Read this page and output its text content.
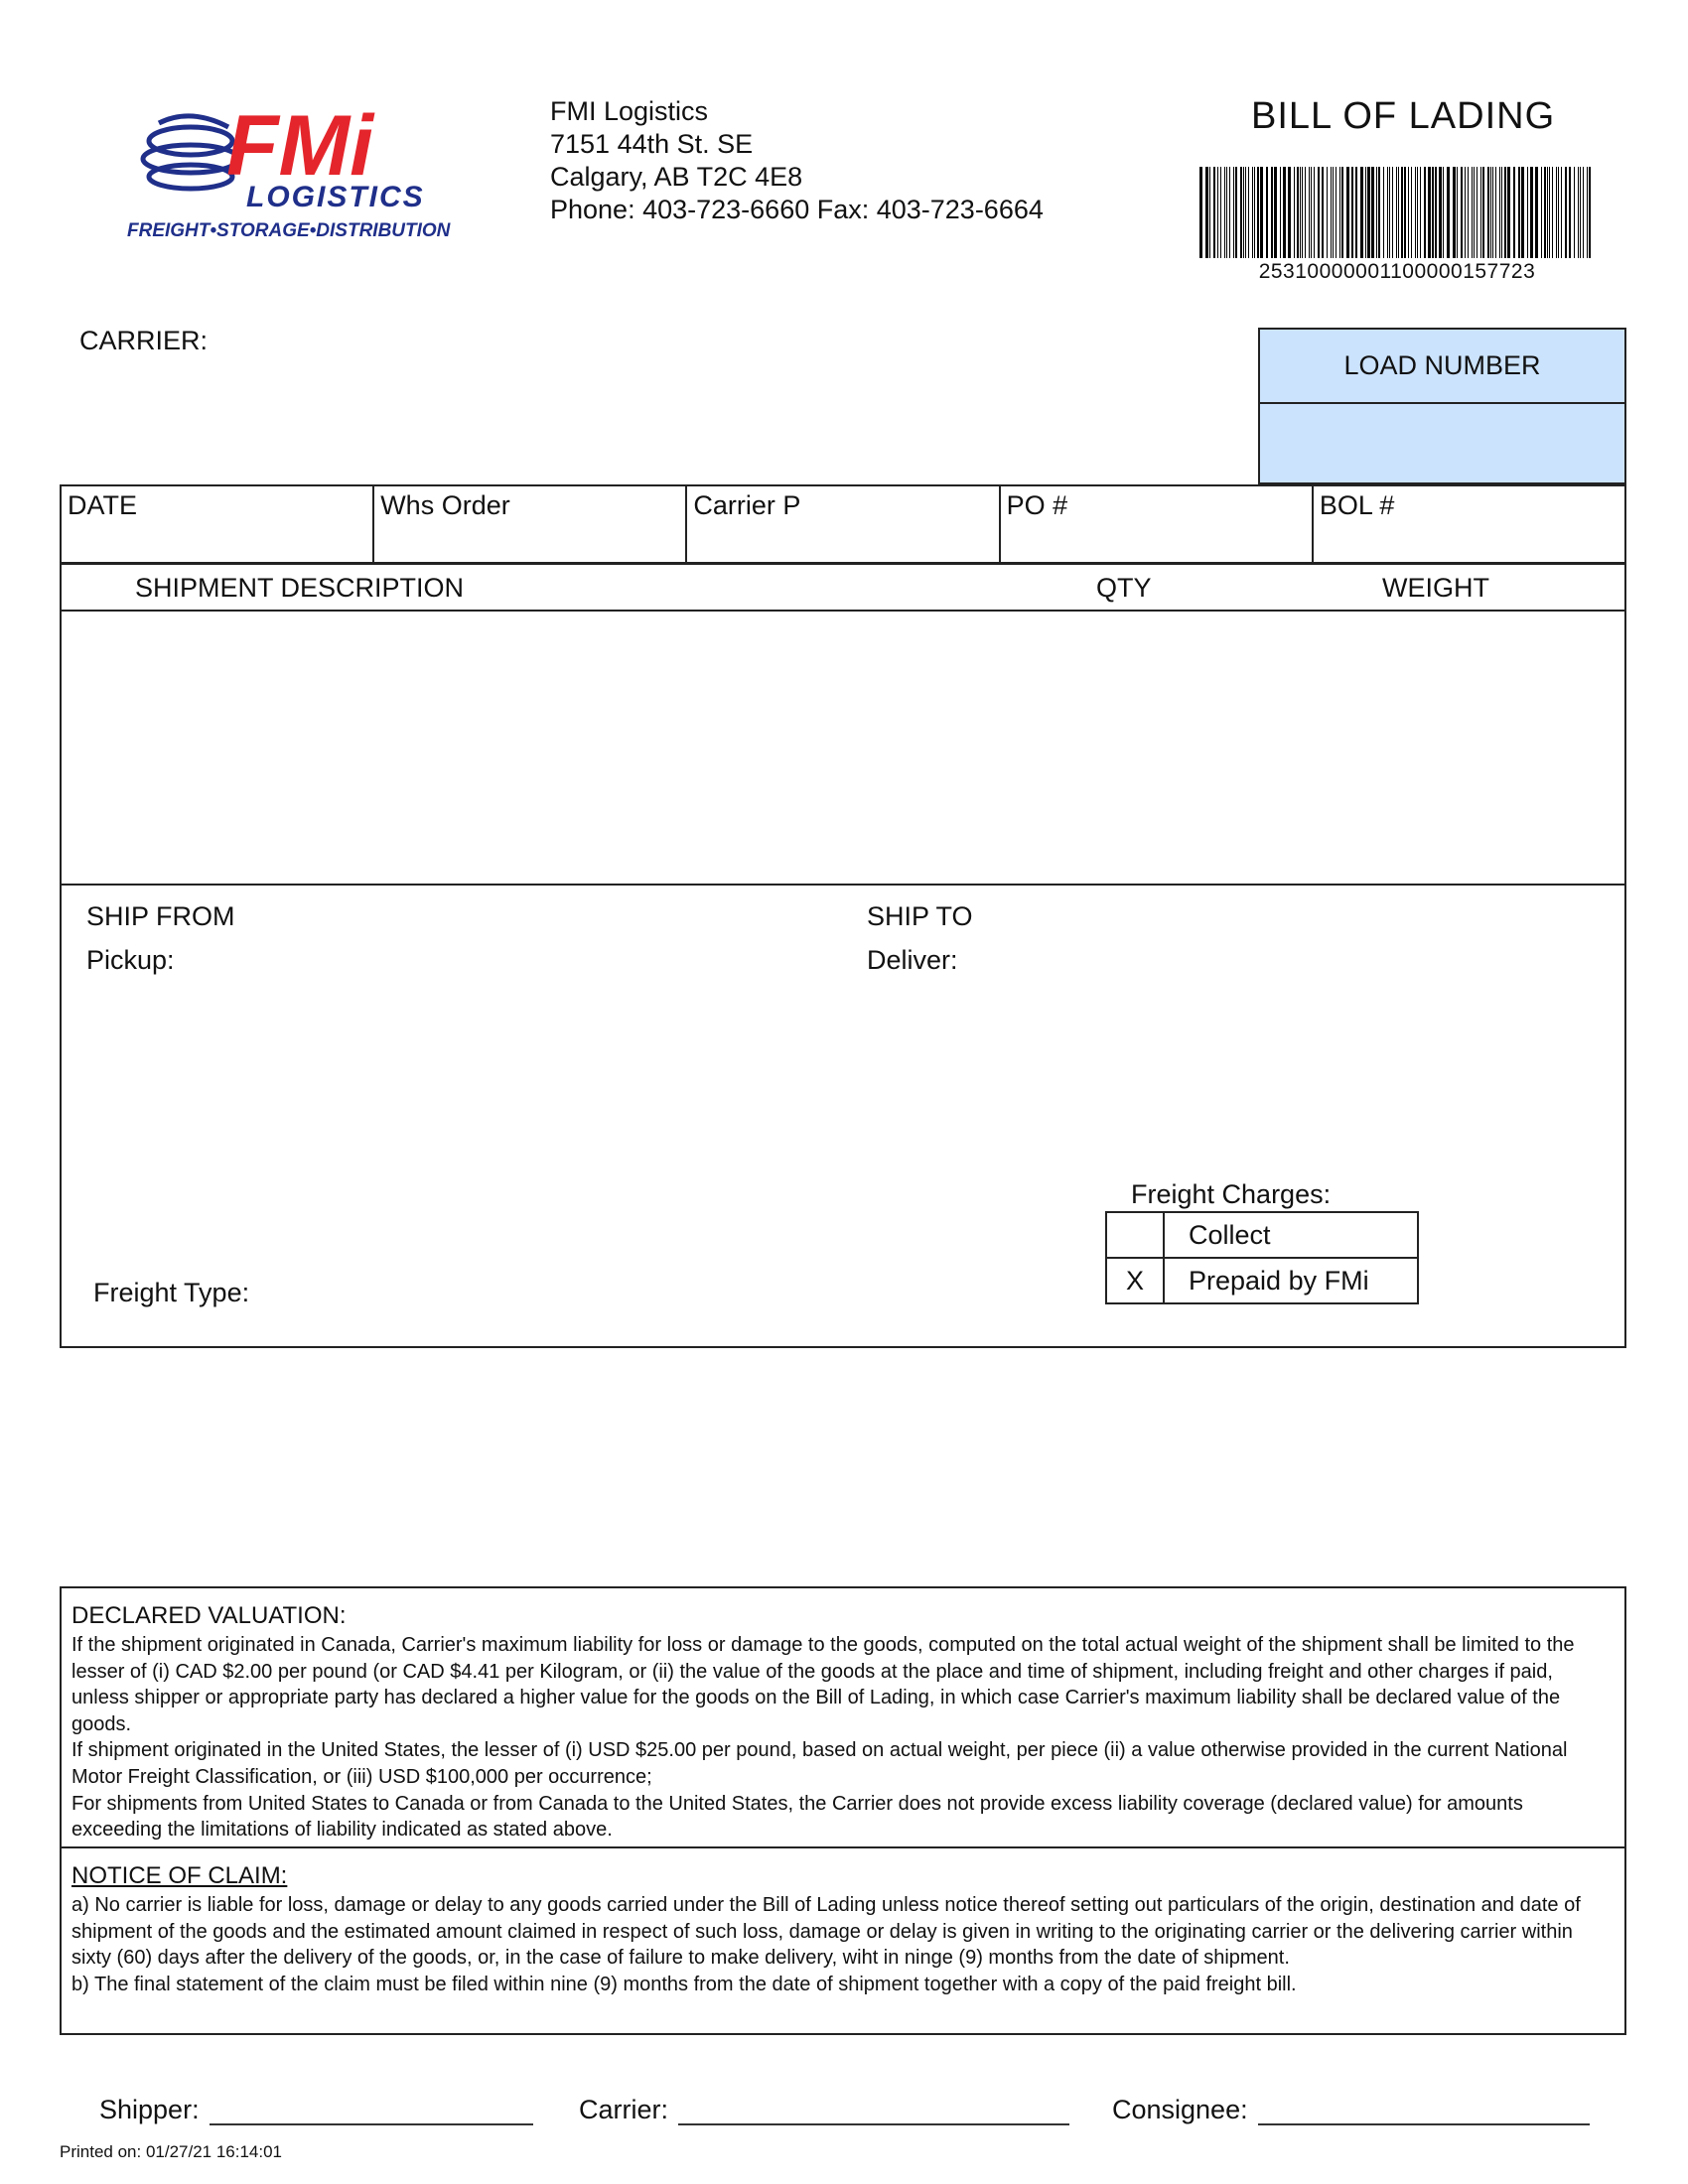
FMi
LOGISTICS
FREIGHT•STORAGE•DISTRIBUTION
FMI Logistics
7151 44th St. SE
Calgary, AB T2C 4E8
Phone: 403-723-6660 Fax: 403-723-6664
BILL OF LADING
25310000001100000157723
CARRIER:
LOAD NUMBER
DATE	Whs Order	Carrier P	PO #	BOL #
SHIPMENT DESCRIPTION	QTY	WEIGHT
SHIP FROM
Pickup:
SHIP TO
Deliver:
Freight Type:
Freight Charges:
	Collect
X	Prepaid by FMi
DECLARED VALUATION:

If the shipment originated in Canada, Carrier's maximum liability for loss or damage to the goods, computed on the total actual weight of the shipment shall be limited to the lesser of (i) CAD $2.00 per pound (or CAD $4.41 per Kilogram, or (ii) the value of the goods at the place and time of shipment, including freight and other charges if paid, unless shipper or appropriate party has declared a higher value for the goods on the Bill of Lading, in which case Carrier's maximum liability shall be declared value of the goods.

If shipment originated in the United States, the lesser of (i) USD $25.00 per pound, based on actual weight, per piece (ii) a value otherwise provided in the current National Motor Freight Classification, or (iii) USD $100,000 per occurrence;

For shipments from United States to Canada or from Canada to the United States, the Carrier does not provide excess liability coverage (declared value) for amounts exceeding the limitations of liability indicated as stated above.

NOTICE OF CLAIM:

a) No carrier is liable for loss, damage or delay to any goods carried under the Bill of Lading unless notice thereof setting out particulars of the origin, destination and date of shipment of the goods and the estimated amount claimed in respect of such loss, damage or delay is given in writing to the originating carrier or the delivering carrier within sixty (60) days after the delivery of the goods, or, in the case of failure to make delivery, wiht in ninge (9) months from the date of shipment.

b) The final statement of the claim must be filed within nine (9) months from the date of shipment together with a copy of the paid freight bill.

Shipper:	Carrier:	Consignee:
Printed on: 01/27/21 16:14:01
